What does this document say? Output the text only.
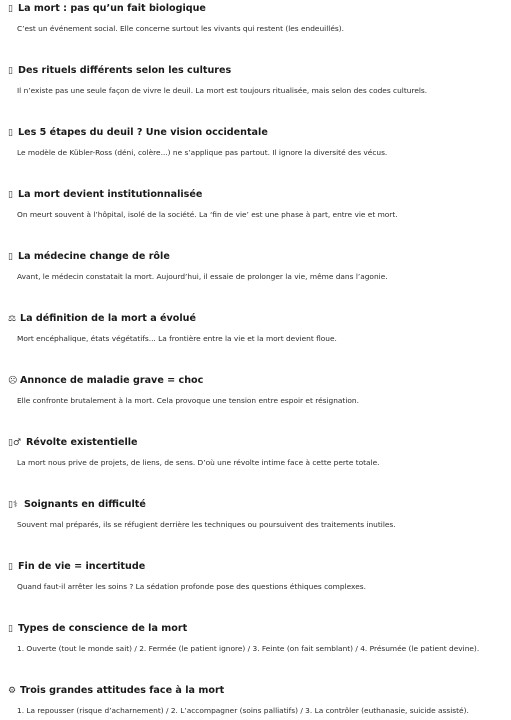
▯ La mort : pas qu’un fait biologique
C’est un événement social. Elle concerne surtout les vivants qui restent (les endeuillés).
▯ Des rituels différents selon les cultures
Il n’existe pas une seule façon de vivre le deuil. La mort est toujours ritualisée, mais selon des codes culturels.
▯ Les 5 étapes du deuil ? Une vision occidentale
Le modèle de Kübler-Ross (déni, colère...) ne s’applique pas partout. Il ignore la diversité des vécus.
▯ La mort devient institutionnalisée
On meurt souvent à l’hôpital, isolé de la société. La ‘fin de vie’ est une phase à part, entre vie et mort.
▯ La médecine change de rôle
Avant, le médecin constatait la mort. Aujourd’hui, il essaie de prolonger la vie, même dans l’agonie.
⚖ La définition de la mort a évolué
Mort encéphalique, états végétatifs... La frontière entre la vie et la mort devient floue.
☹ Annonce de maladie grave = choc
Elle confronte brutalement à la mort. Cela provoque une tension entre espoir et résignation.
▯♂ Révolte existentielle
La mort nous prive de projets, de liens, de sens. D’où une révolte intime face à cette perte totale.
▯⚕ Soignants en difficulté
Souvent mal préparés, ils se réfugient derrière les techniques ou poursuivent des traitements inutiles.
▯ Fin de vie = incertitude
Quand faut-il arrêter les soins ? La sédation profonde pose des questions éthiques complexes.
▯ Types de conscience de la mort
1. Ouverte (tout le monde sait) / 2. Fermée (le patient ignore) / 3. Feinte (on fait semblant) / 4. Présumée (le patient devine).
⚙ Trois grandes attitudes face à la mort
1. La repousser (risque d’acharnement) / 2. L’accompagner (soins palliatifs) / 3. La contrôler (euthanasie, suicide assisté).
